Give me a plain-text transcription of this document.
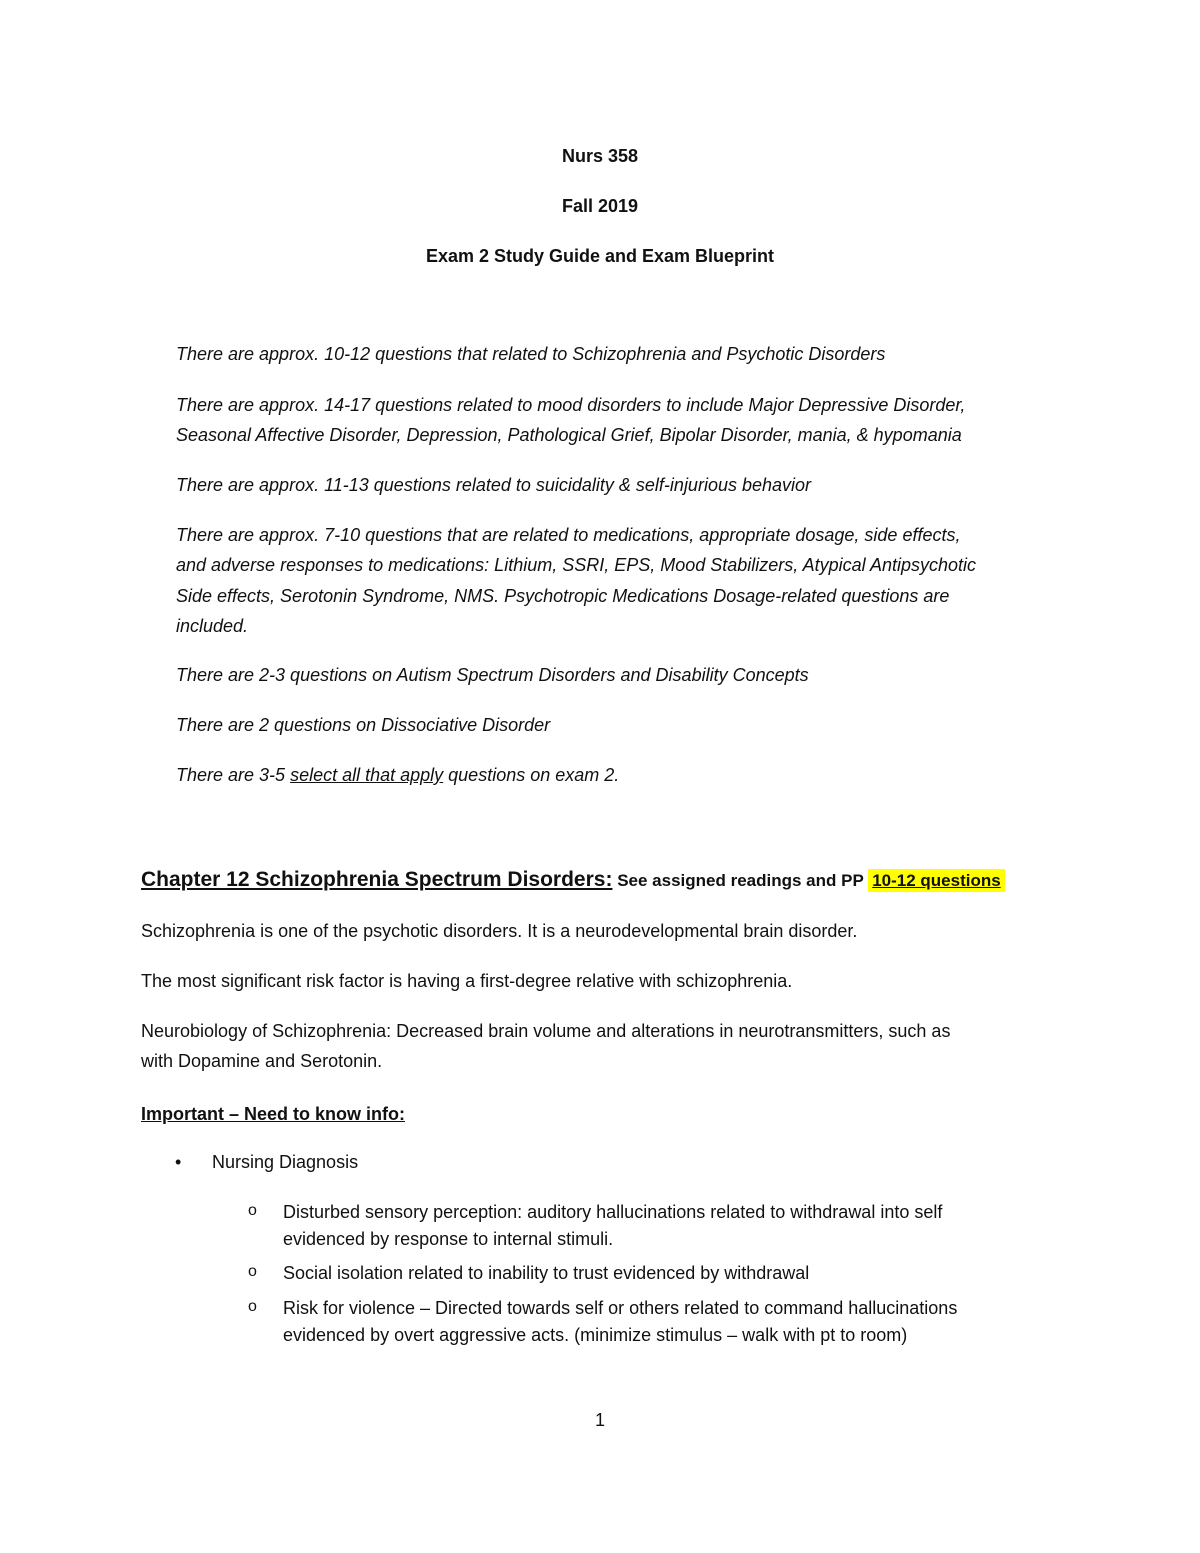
Nurs 358
Fall 2019
Exam 2 Study Guide and Exam Blueprint
There are approx. 10-12 questions that related to Schizophrenia and Psychotic Disorders
There are approx. 14-17 questions related to mood disorders to include Major Depressive Disorder,
Seasonal Affective Disorder, Depression, Pathological Grief, Bipolar Disorder, mania, & hypomania
There are approx. 11-13 questions related to suicidality & self-injurious behavior
There are approx. 7-10 questions that are related to medications, appropriate dosage, side effects,
and adverse responses to medications: Lithium, SSRI, EPS, Mood Stabilizers, Atypical Antipsychotic
Side effects, Serotonin Syndrome, NMS. Psychotropic Medications Dosage-related questions are
included.
There are 2-3 questions on Autism Spectrum Disorders and Disability Concepts
There are 2 questions on Dissociative Disorder
There are 3-5 select all that apply questions on exam 2.
Chapter 12 Schizophrenia Spectrum Disorders: See assigned readings and PP 10-12 questions
Schizophrenia is one of the psychotic disorders. It is a neurodevelopmental brain disorder.
The most significant risk factor is having a first-degree relative with schizophrenia.
Neurobiology of Schizophrenia: Decreased brain volume and alterations in neurotransmitters, such as
with Dopamine and Serotonin.
Important – Need to know info:
• Nursing Diagnosis
o Disturbed sensory perception: auditory hallucinations related to withdrawal into self
evidenced by response to internal stimuli.
o Social isolation related to inability to trust evidenced by withdrawal
o Risk for violence – Directed towards self or others related to command hallucinations
evidenced by overt aggressive acts. (minimize stimulus – walk with pt to room)
1
